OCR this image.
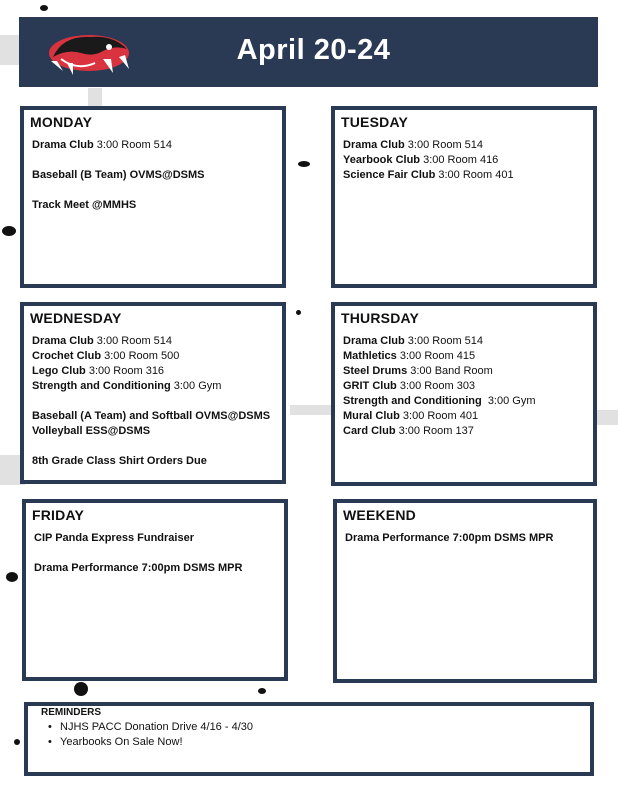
April 20-24
MONDAY
Drama Club 3:00 Room 514
Baseball (B Team) OVMS@DSMS
Track Meet @MMHS
TUESDAY
Drama Club 3:00 Room 514
Yearbook Club 3:00 Room 416
Science Fair Club 3:00 Room 401
WEDNESDAY
Drama Club 3:00 Room 514
Crochet Club 3:00 Room 500
Lego Club 3:00 Room 316
Strength and Conditioning 3:00 Gym
Baseball (A Team) and Softball OVMS@DSMS
Volleyball ESS@DSMS
8th Grade Class Shirt Orders Due
THURSDAY
Drama Club 3:00 Room 514
Mathletics 3:00 Room 415
Steel Drums 3:00 Band Room
GRIT Club 3:00 Room 303
Strength and Conditioning  3:00 Gym
Mural Club 3:00 Room 401
Card Club 3:00 Room 137
FRIDAY
CIP Panda Express Fundraiser
Drama Performance 7:00pm DSMS MPR
WEEKEND
Drama Performance 7:00pm DSMS MPR
REMINDERS
• NJHS PACC Donation Drive 4/16 - 4/30
• Yearbooks On Sale Now!
